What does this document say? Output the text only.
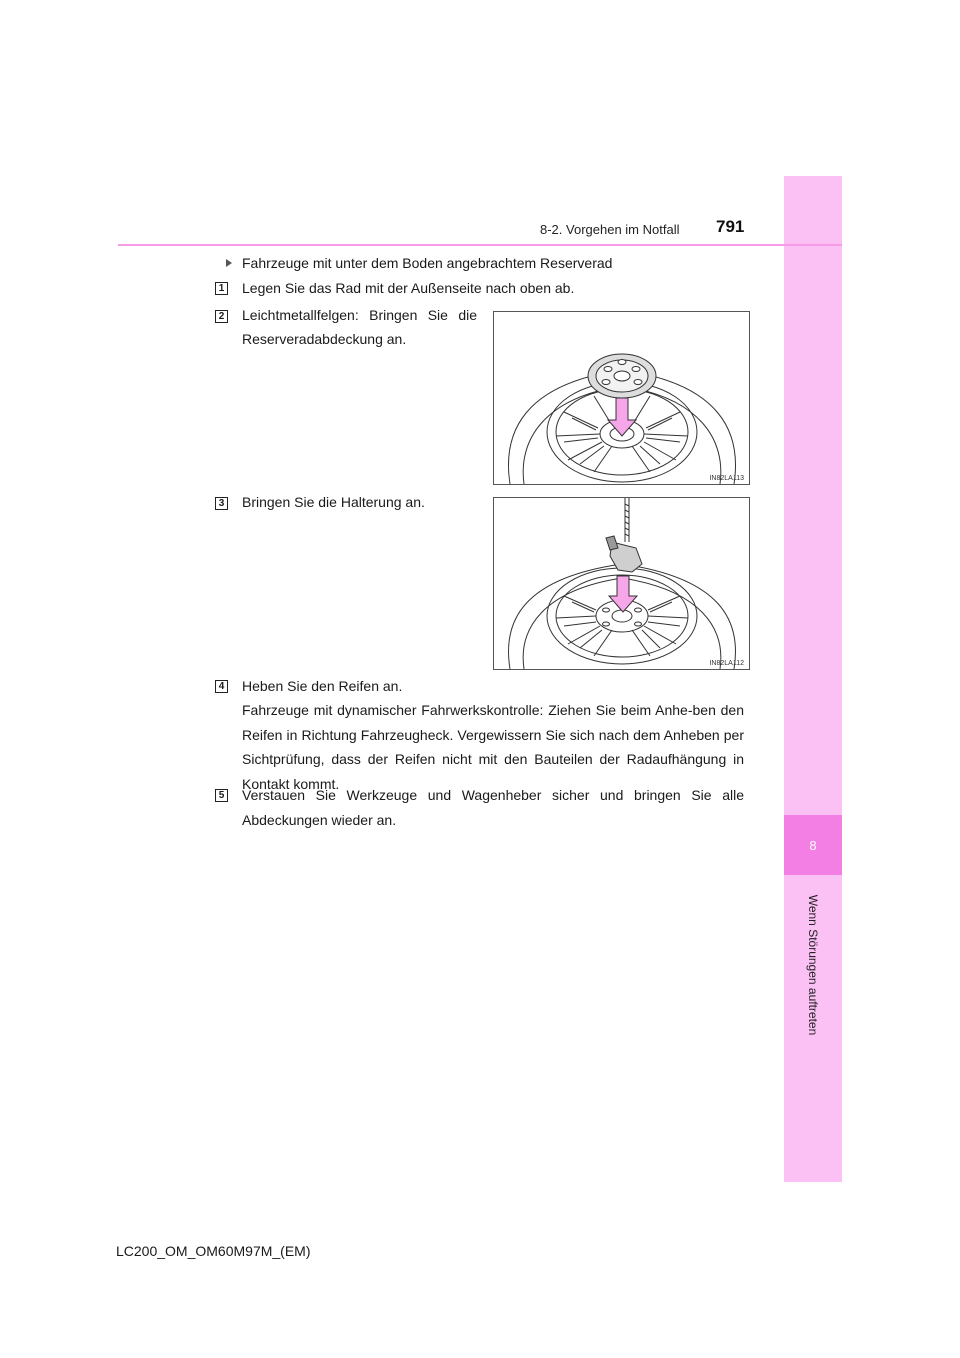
8
Wenn Störungen auftreten
8-2. Vorgehen im Notfall 791
Fahrzeuge mit unter dem Boden angebrachtem Reserverad
1 Legen Sie das Rad mit der Außenseite nach oben ab.
2 Leichtmetallfelgen: Bringen Sie die
Reserveradabdeckung an.
IN82LA113
3 Bringen Sie die Halterung an.
IN82LA112
4 Heben Sie den Reifen an.
Fahrzeuge mit dynamischer Fahrwerkskontrolle: Ziehen Sie beim Anhe-ben den Reifen in Richtung Fahrzeugheck. Vergewissern Sie sich nach dem Anheben per Sichtprüfung, dass der Reifen nicht mit den Bauteilen der Radaufhängung in Kontakt kommt.
5 Verstauen Sie Werkzeuge und Wagenheber sicher und bringen Sie alle Abdeckungen wieder an.
LC200_OM_OM60M97M_(EM)
